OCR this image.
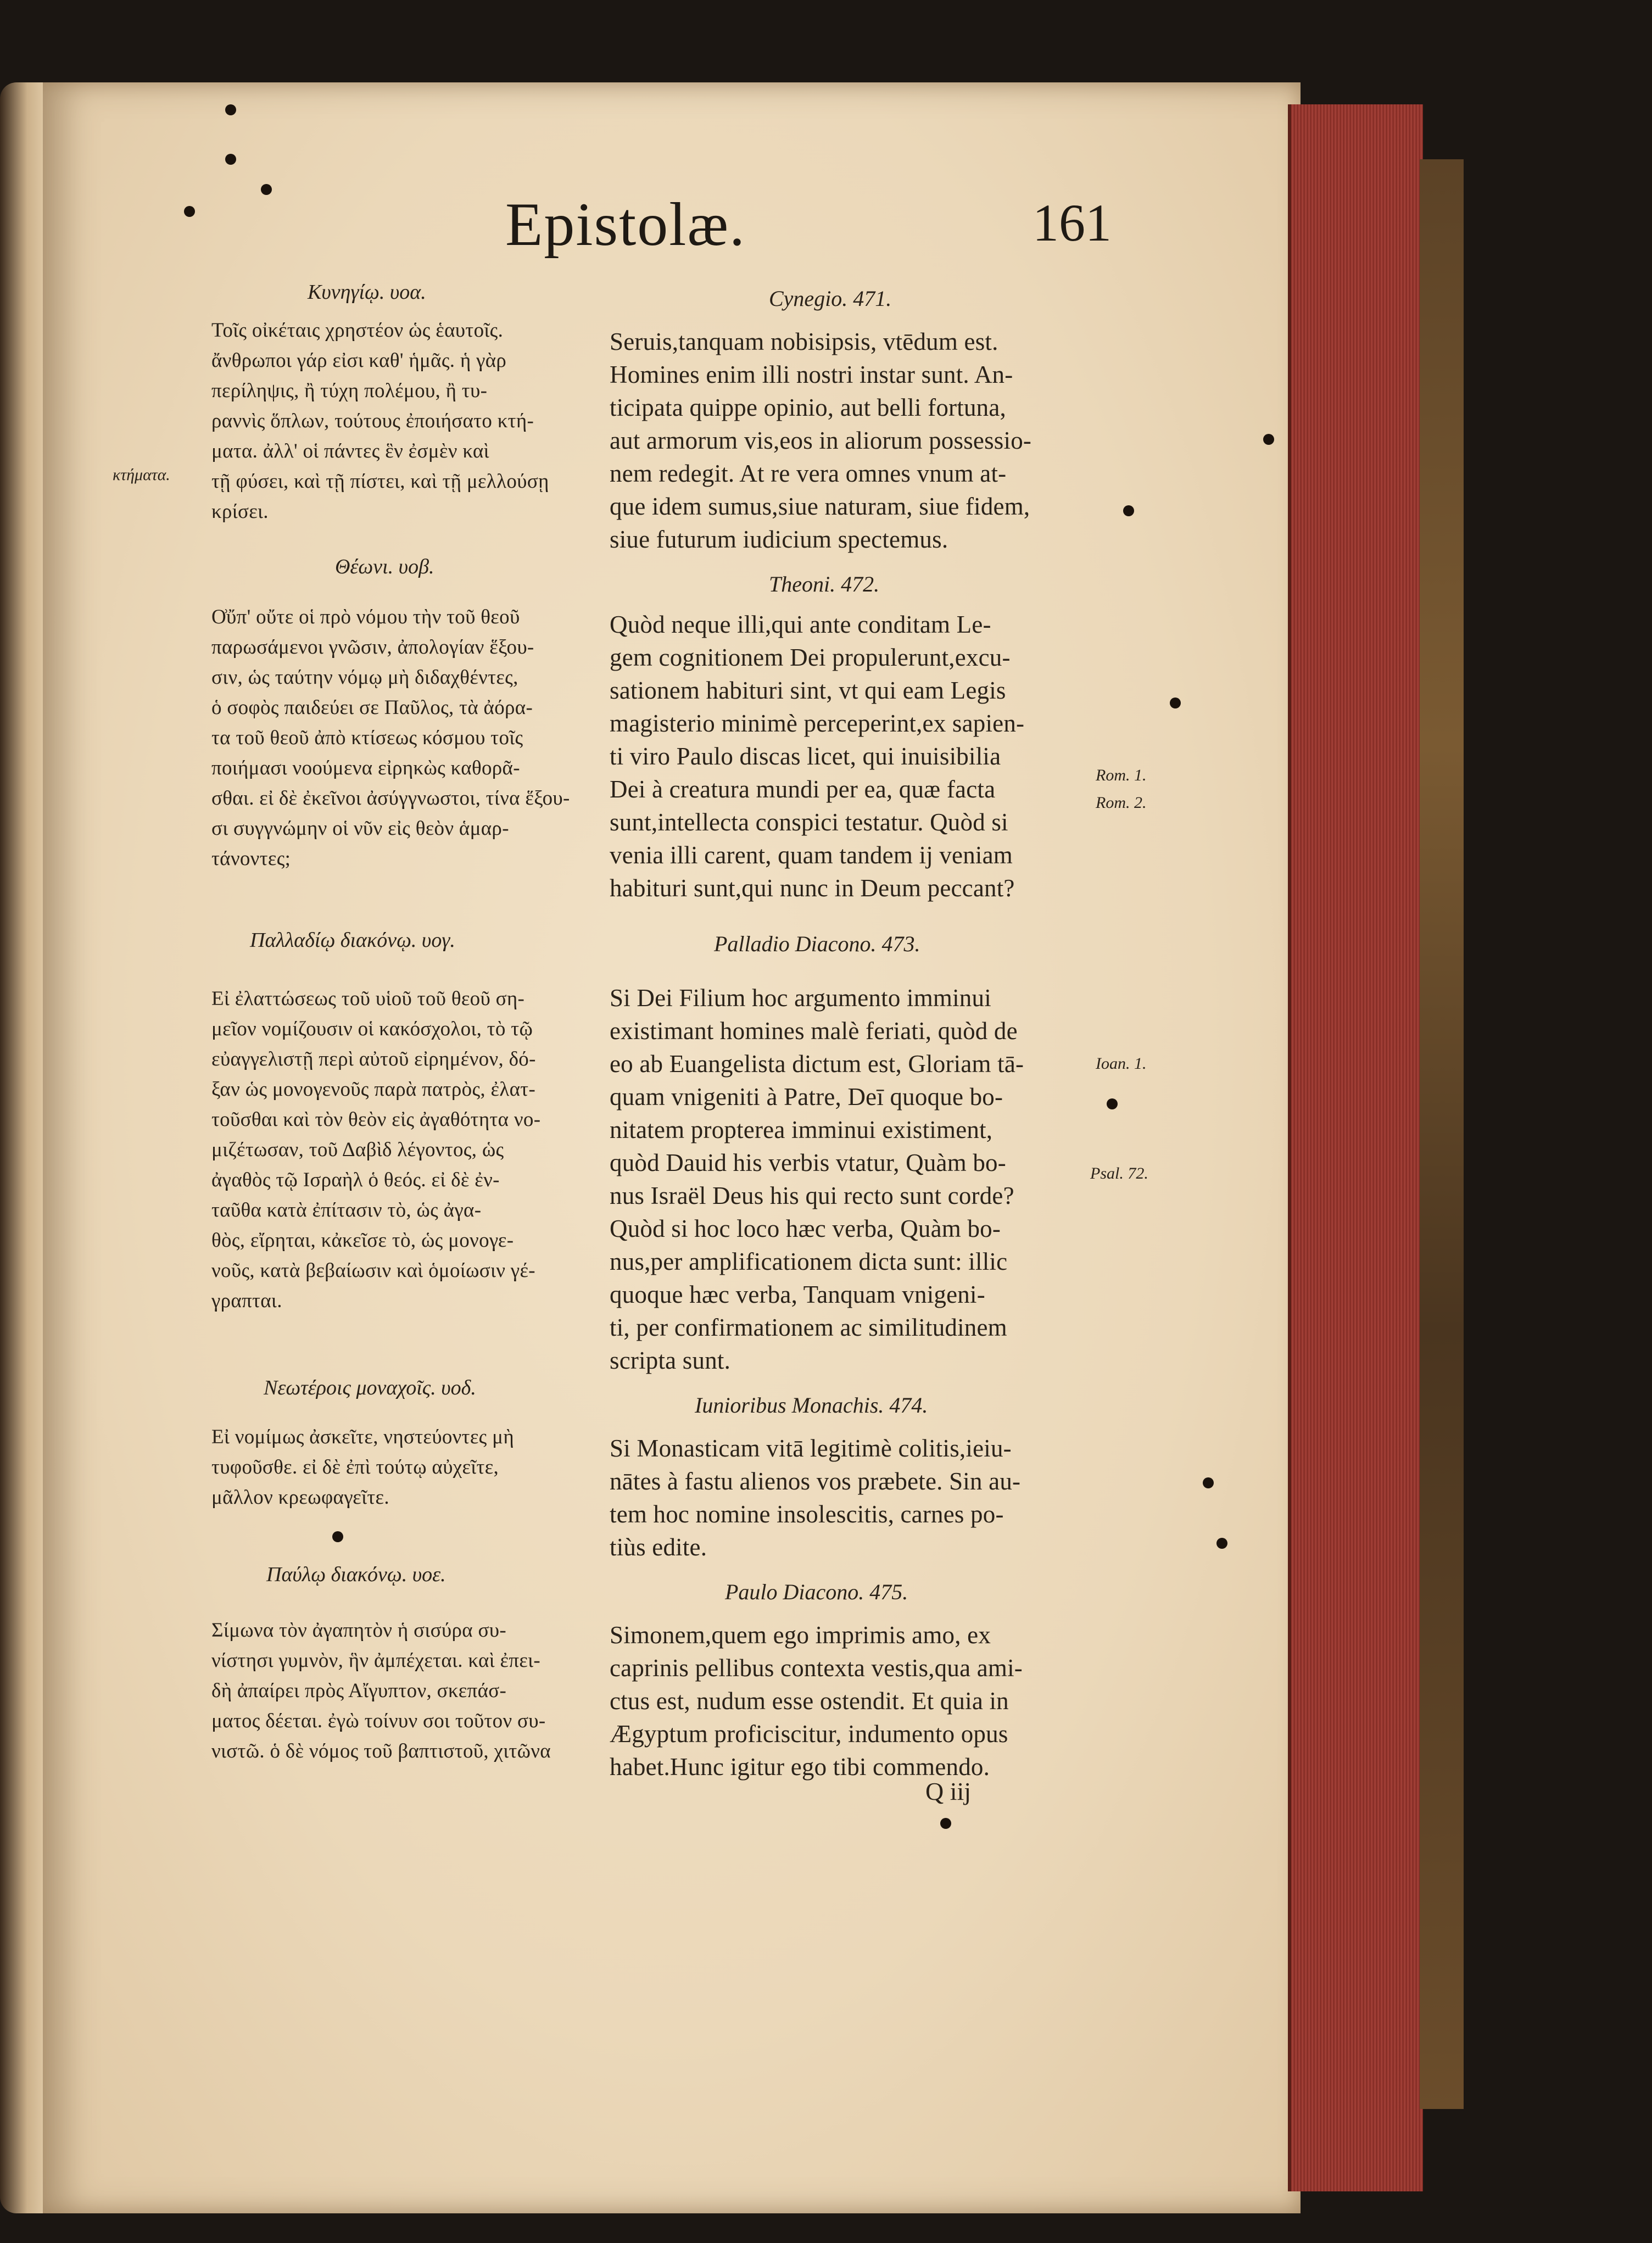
Epistolæ.	161
Κυνηγίῳ. υοα.
Τοῖς οἰκέταις χρηστέον ὡς ἑαυτοῖς.
ἄνθρωποι γάρ εἰσι καθ' ἡμᾶς. ἡ γὰρ
περίληψις, ἢ τύχη πολέμου, ἢ τυ-
ραννὶς ὅπλων, τούτους ἐποιήσατο κτή-
ματα. ἀλλ' οἱ πάντες ἓν ἐσμὲν καὶ
τῇ φύσει, καὶ τῇ πίστει, καὶ τῇ μελλούσῃ
κρίσει.
Θέωνι. υοβ.
Ο͗ὔπ' οὔτε οἱ πρὸ νόμου τὴν τοῦ θεοῦ
παρωσάμενοι γνῶσιν, ἀπολογίαν ἕξου-
σιν, ὡς ταύτην νόμῳ μὴ διδαχθέντες,
ὁ σοφὸς παιδεύει σε Παῦλος, τὰ ἀόρα-
τα τοῦ θεοῦ ἀπὸ κτίσεως κόσμου τοῖς
ποιήμασι νοούμενα εἰρηκὼς καθορᾶ-
σθαι. εἰ δὲ ἐκεῖνοι ἀσύγγνωστοι, τίνα ἕξου-
σι συγγνώμην οἱ νῦν εἰς θεὸν ἁμαρ-
τάνοντες;
Παλλαδίῳ διακόνῳ. υογ.
Εἰ ἐλαττώσεως τοῦ υἱοῦ τοῦ θεοῦ ση-
μεῖον νομίζουσιν οἱ κακόσχολοι, τὸ τῷ
εὐαγγελιστῇ περὶ αὐτοῦ εἰρημένον, δό-
ξαν ὡς μονογενοῦς παρὰ πατρὸς, ἐλατ-
τοῦσθαι καὶ τὸν θεὸν εἰς ἀγαθότητα νο-
μιζέτωσαν, τοῦ Δαβὶδ λέγοντος, ὡς
ἀγαθὸς τῷ Ισραὴλ ὁ θεός. εἰ δὲ ἐν-
ταῦθα κατὰ ἐπίτασιν τὸ, ὡς ἀγα-
θὸς, εἴρηται, κἀκεῖσε τὸ, ὡς μονογε-
νοῦς, κατὰ βεβαίωσιν καὶ ὁμοίωσιν γέ-
γραπται.
Νεωτέροις μοναχοῖς. υοδ.
Εἰ νομίμως ἀσκεῖτε, νηστεύοντες μὴ
τυφοῦσθε. εἰ δὲ ἐπὶ τούτῳ αὐχεῖτε,
μᾶλλον κρεωφαγεῖτε.
Παύλῳ διακόνῳ. υοε.
Σίμωνα τὸν ἀγαπητὸν ἡ σισύρα συ-
νίστησι γυμνὸν, ἣν ἀμπέχεται. καὶ ἐπει-
δὴ ἀπαίρει πρὸς Αἴγυπτον, σκεπάσ-
ματος δέεται. ἐγὼ τοίνυν σοι τοῦτον συ-
νιστῶ. ὁ δὲ νόμος τοῦ βαπτιστοῦ, χιτῶνα
Cynegio. 471.
Seruis,tanquam nobisipsis, vtēdum est.
Homines enim illi nostri instar sunt. An-
ticipata quippe opinio, aut belli fortuna,
aut armorum vis,eos in aliorum possessio-
nem redegit. At re vera omnes vnum at-
que idem sumus,siue naturam, siue fidem,
siue futurum iudicium spectemus.
Theoni. 472.
Quòd neque illi,qui ante conditam Le-
gem cognitionem Dei propulerunt,excu-
sationem habituri sint, vt qui eam Legis
magisterio minimè perceperint,ex sapien-
ti viro Paulo discas licet, qui inuisibilia
Dei à creatura mundi per ea, quæ facta
sunt,intellecta conspici testatur. Quòd si
venia illi carent, quam tandem ij veniam
habituri sunt,qui nunc in Deum peccant?
Palladio Diacono. 473.
Si Dei Filium hoc argumento imminui
existimant homines malè feriati, quòd de
eo ab Euangelista dictum est, Gloriam tā-
quam vnigeniti à Patre, Deī quoque bo-
nitatem propterea imminui existiment,
quòd Dauid his verbis vtatur, Quàm bo-
nus Israël Deus his qui recto sunt corde?
Quòd si hoc loco hæc verba, Quàm bo-
nus,per amplificationem dicta sunt: illic
quoque hæc verba, Tanquam vnigeni-
ti, per confirmationem ac similitudinem
scripta sunt.
Iunioribus Monachis. 474.
Si Monasticam vitā legitimè colitis,ieiu-
nātes à fastu alienos vos præbete. Sin au-
tem hoc nomine insolescitis, carnes po-
tiùs edite.
Paulo Diacono. 475.
Simonem,quem ego imprimis amo, ex
caprinis pellibus contexta vestis,qua ami-
ctus est, nudum esse ostendit. Et quia in
Ægyptum proficiscitur, indumento opus
habet.Hunc igitur ego tibi commendo.
κτήματα.
Rom. 1.
Rom. 2.
Ioan. 1.
Psal. 72.
Q iij
